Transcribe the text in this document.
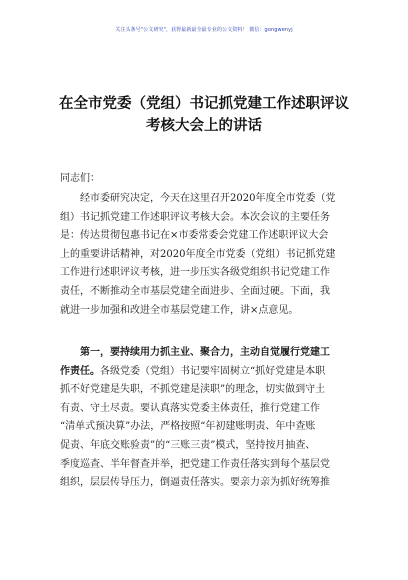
关注头条号"公文研究"，获得最新最全最专业的公文资料！ 微信：gongwenyj
在全市党委（党组）书记抓党建工作述职评议
考核大会上的讲话
同志们：
经市委研究决定，今天在这里召开2020年度全市党委（党
组）书记抓党建工作述职评议考核大会。本次会议的主要任务
是：传达贯彻包惠书记在×市委常委会党建工作述职评议大会
上的重要讲话精神，对2020年度全市党委（党组）书记抓党建
工作进行述职评议考核，进一步压实各级党组织书记党建工作
责任，不断推动全市基层党建全面进步、全面过硬。下面，我
就进一步加强和改进全市基层党建工作，讲×点意见。
第一，要持续用力抓主业、聚合力，主动自觉履行党建工
作责任。各级党委（党组）书记要牢固树立“抓好党建是本职
抓不好党建是失职，不抓党建是渎职”的理念，切实做到守土
有责、守土尽责。要认真落实党委主体责任，推行党建工作
“清单式预决算”办法，严格按照“年初建账明责、年中查账
促责、年底交账验责”的“三账三责”模式，坚持按月抽查、
季度巡查、半年督查并举，把党建工作责任落实到每个基层党
组织，层层传导压力，倒逼责任落实。要亲力亲为抓好统筹推
